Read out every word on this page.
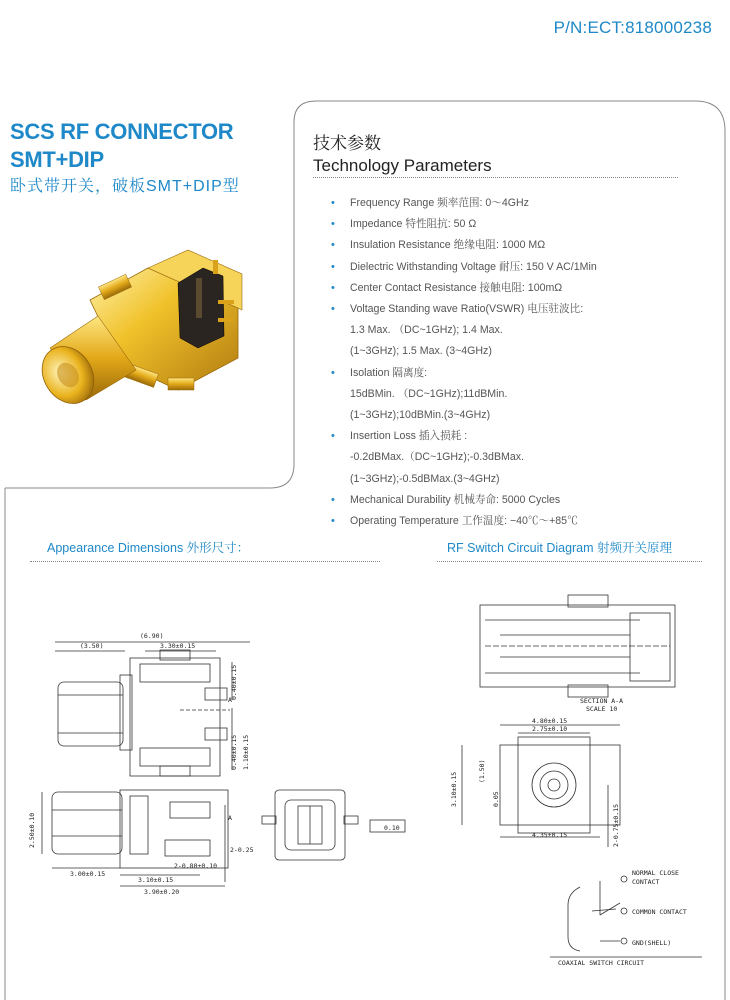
P/N:ECT:818000238
SCS RF CONNECTOR
SMT+DIP
卧式带开关，破板SMT+DIP型
技术参数
Technology Parameters
• Frequency Range 频率范围: 0～4GHz
• Impedance 特性阻抗: 50 Ω
• Insulation Resistance 绝缘电阻: 1000 MΩ
• Dielectric Withstanding Voltage 耐压: 150 V AC/1Min
• Center Contact Resistance 接触电阻: 100mΩ
• Voltage Standing wave Ratio(VSWR) 电压驻波比:
1.3 Max. （DC~1GHz); 1.4 Max.
(1~3GHz); 1.5 Max. (3~4GHz)
• Isolation 隔离度:
15dBMin. （DC~1GHz);11dBMin.
(1~3GHz);10dBMin.(3~4GHz)
• Insertion Loss 插入损耗 :
-0.2dBMax.（DC~1GHz);-0.3dBMax.
(1~3GHz);-0.5dBMax.(3~4GHz)
• Mechanical Durability 机械寿命: 5000 Cycles
• Operating Temperature 工作温度: −40℃～+85℃
Appearance Dimensions 外形尺寸：	RF Switch Circuit Diagram 射频开关原理
(6.90)
(3.50)	3.30±0.15
0.40±0.15
0.40±0.15 1.10±0.15
2.50±0.10
3.00±0.15
3.10±0.15
3.90±0.20
2-0.80±0.10
2-0.25
0.10
A
A	SECTION A-A
SCALE 10
4.80±0.15
2.75±0.10
(1.50)
3.10±0.15	0.05
4.35±0.15	2-0.75±0.15
NORMAL CLOSE
CONTACT
COMMON CONTACT
GND(SHELL)
COAXIAL SWITCH CIRCUIT
